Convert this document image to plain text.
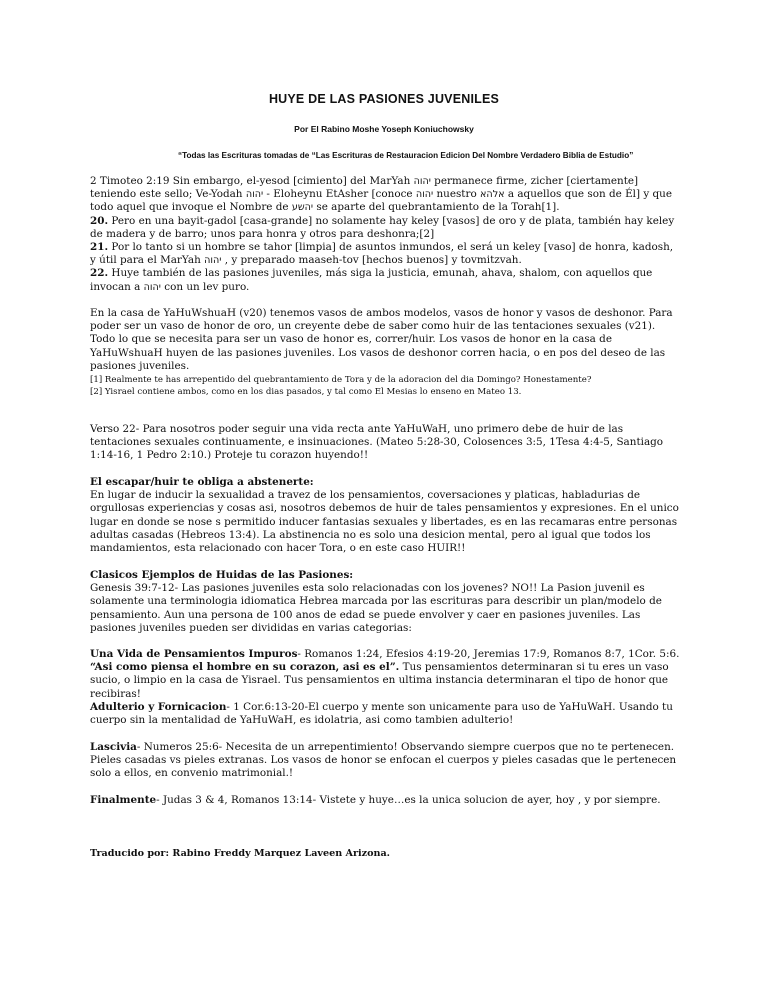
HUYE DE LAS PASIONES JUVENILES
Por El Rabino Moshe Yoseph Koniuchowsky
“Todas las Escrituras tomadas de “Las Escrituras de Restauracion Edicion Del Nombre Verdadero Biblia de Estudio”

2 Timoteo 2:19 Sin embargo, el-yesod [cimiento] del MarYah יהוה permanece firme, zicher [ciertamente] teniendo este sello; Ve-Yodah יהוה - Eloheynu EtAsher [conoce יהוה nuestro אלהא a aquellos que son de Él] y que todo aquel que invoque el Nombre de יהשע se aparte del quebrantamiento de la Torah[1].

20. Pero en una bayit-gadol [casa-grande] no solamente hay keley [vasos] de oro y de plata, también hay keley de madera y de barro; unos para honra y otros para deshonra;[2]

21. Por lo tanto si un hombre se tahor [limpia] de asuntos inmundos, el será un keley [vaso] de honra, kadosh, y útil para el MarYah יהוה , y preparado maaseh-tov [hechos buenos] y tovmitzvah.

22. Huye también de las pasiones juveniles, más siga la justicia, emunah, ahava, shalom, con aquellos que invocan a יהוה con un lev puro.

En la casa de YaHuWshuaH (v20) tenemos vasos de ambos modelos, vasos de honor y vasos de deshonor. Para poder ser un vaso de honor de oro, un creyente debe de saber como huir de las tentaciones sexuales (v21). Todo lo que se necesita para ser un vaso de honor es, correr/huir. Los vasos de honor en la casa de YaHuWshuaH huyen de las pasiones juveniles. Los vasos de deshonor corren hacia, o en pos del deseo de las pasiones juveniles.

[1] Realmente te has arrepentido del quebrantamiento de Tora y de la adoracion del dia Domingo? Honestamente?

[2] Yisrael contiene ambos, como en los dias pasados, y tal como El Mesias lo enseno en Mateo 13.

Verso 22- Para nosotros poder seguir una vida recta ante YaHuWaH, uno primero debe de huir de las tentaciones sexuales continuamente, e insinuaciones. (Mateo 5:28-30, Colosences 3:5, 1Tesa 4:4-5, Santiago 1:14-16, 1 Pedro 2:10.) Proteje tu corazon huyendo!!

El escapar/huir te obliga a abstenerte:

En lugar de inducir la sexualidad a travez de los pensamientos, coversaciones y platicas, habladurias de orgullosas experiencias y cosas asi, nosotros debemos de huir de tales pensamientos y expresiones. En el unico lugar en donde se nose s permitido inducer fantasias sexuales y libertades, es en las recamaras entre personas adultas casadas (Hebreos 13:4). La abstinencia no es solo una desicion mental, pero al igual que todos los mandamientos, esta relacionado con hacer Tora, o en este caso HUIR!!

Clasicos Ejemplos de Huidas de las Pasiones:

Genesis 39:7-12- Las pasiones juveniles esta solo relacionadas con los jovenes? NO!! La Pasion juvenil es solamente una terminologia idiomatica Hebrea marcada por las escrituras para describir un plan/modelo de pensamiento. Aun una persona de 100 anos de edad se puede envolver y caer en pasiones juveniles. Las pasiones juveniles pueden ser divididas en varias categorias:

Una Vida de Pensamientos Impuros- Romanos 1:24, Efesios 4:19-20, Jeremias 17:9, Romanos 8:7, 1Cor. 5:6.

“Asi como piensa el hombre en su corazon, asi es el”. Tus pensamientos determinaran si tu eres un vaso sucio, o limpio en la casa de Yisrael. Tus pensamientos en ultima instancia determinaran el tipo de honor que recibiras!

Adulterio y Fornicacion- 1 Cor.6:13-20-El cuerpo y mente son unicamente para uso de YaHuWaH. Usando tu cuerpo sin la mentalidad de YaHuWaH, es idolatria, asi como tambien adulterio!

Lascivia- Numeros 25:6- Necesita de un arrepentimiento! Observando siempre cuerpos que no te pertenecen. Pieles casadas vs pieles extranas. Los vasos de honor se enfocan el cuerpos y pieles casadas que le pertenecen solo a ellos, en convenio matrimonial.!

Finalmente- Judas 3 & 4, Romanos 13:14- Vistete y huye…es la unica solucion de ayer, hoy , y por siempre.

Traducido por: Rabino Freddy Marquez Laveen Arizona.
